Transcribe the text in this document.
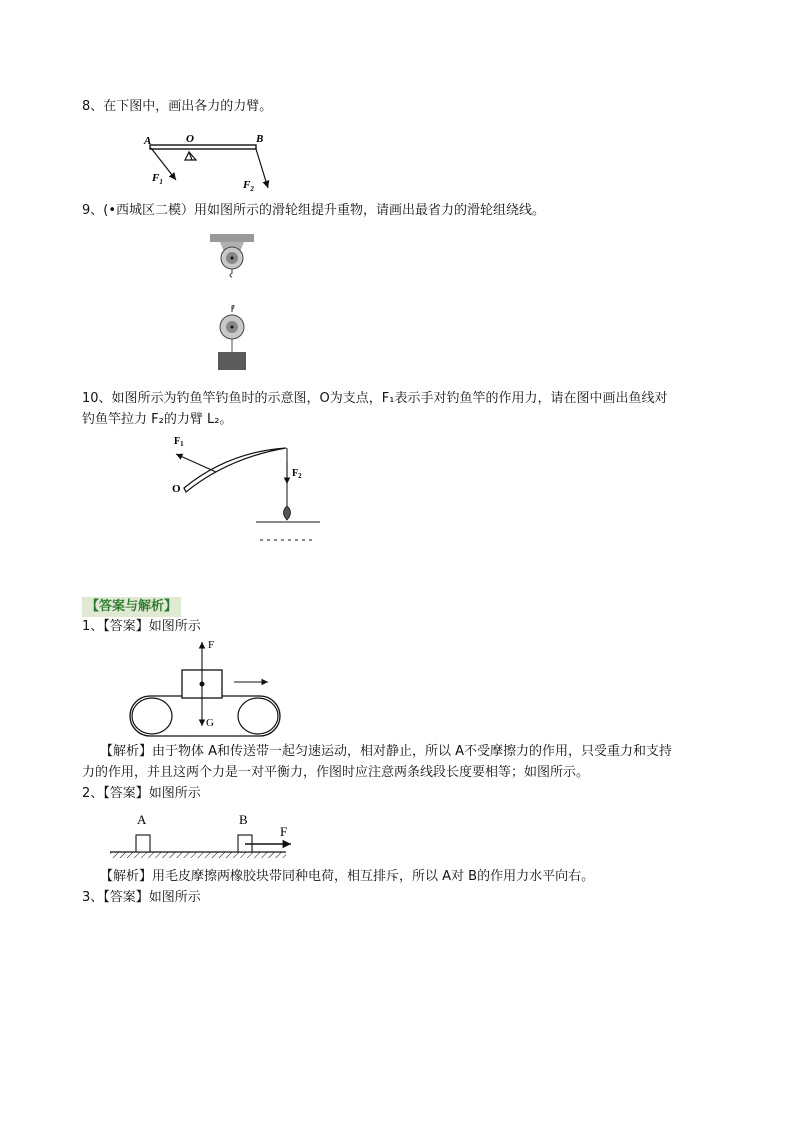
8、在下图中，画出各力的力臂。
A	O	B
$F_1$	$F_2$
9、(•西城区二模）用如图所示的滑轮组提升重物，请画出最省力的滑轮组绕线。
10、如图所示为钓鱼竿钓鱼时的示意图，O为支点，F₁表示手对钓鱼竿的作用力，请在图中画出鱼线对
钓鱼竿拉力 F₂的力臂 L₂。
$F_1$
$F_2$
O
【答案与解析】
1、【答案】如图所示
F
G
【解析】由于物体 A和传送带一起匀速运动，相对静止，所以 A不受摩擦力的作用，只受重力和支持
力的作用，并且这两个力是一对平衡力，作图时应注意两条线段长度要相等；如图所示。
2、【答案】如图所示
A	B
F
【解析】用毛皮摩擦两橡胶块带同种电荷，相互排斥，所以 A对 B的作用力水平向右。
3、【答案】如图所示
